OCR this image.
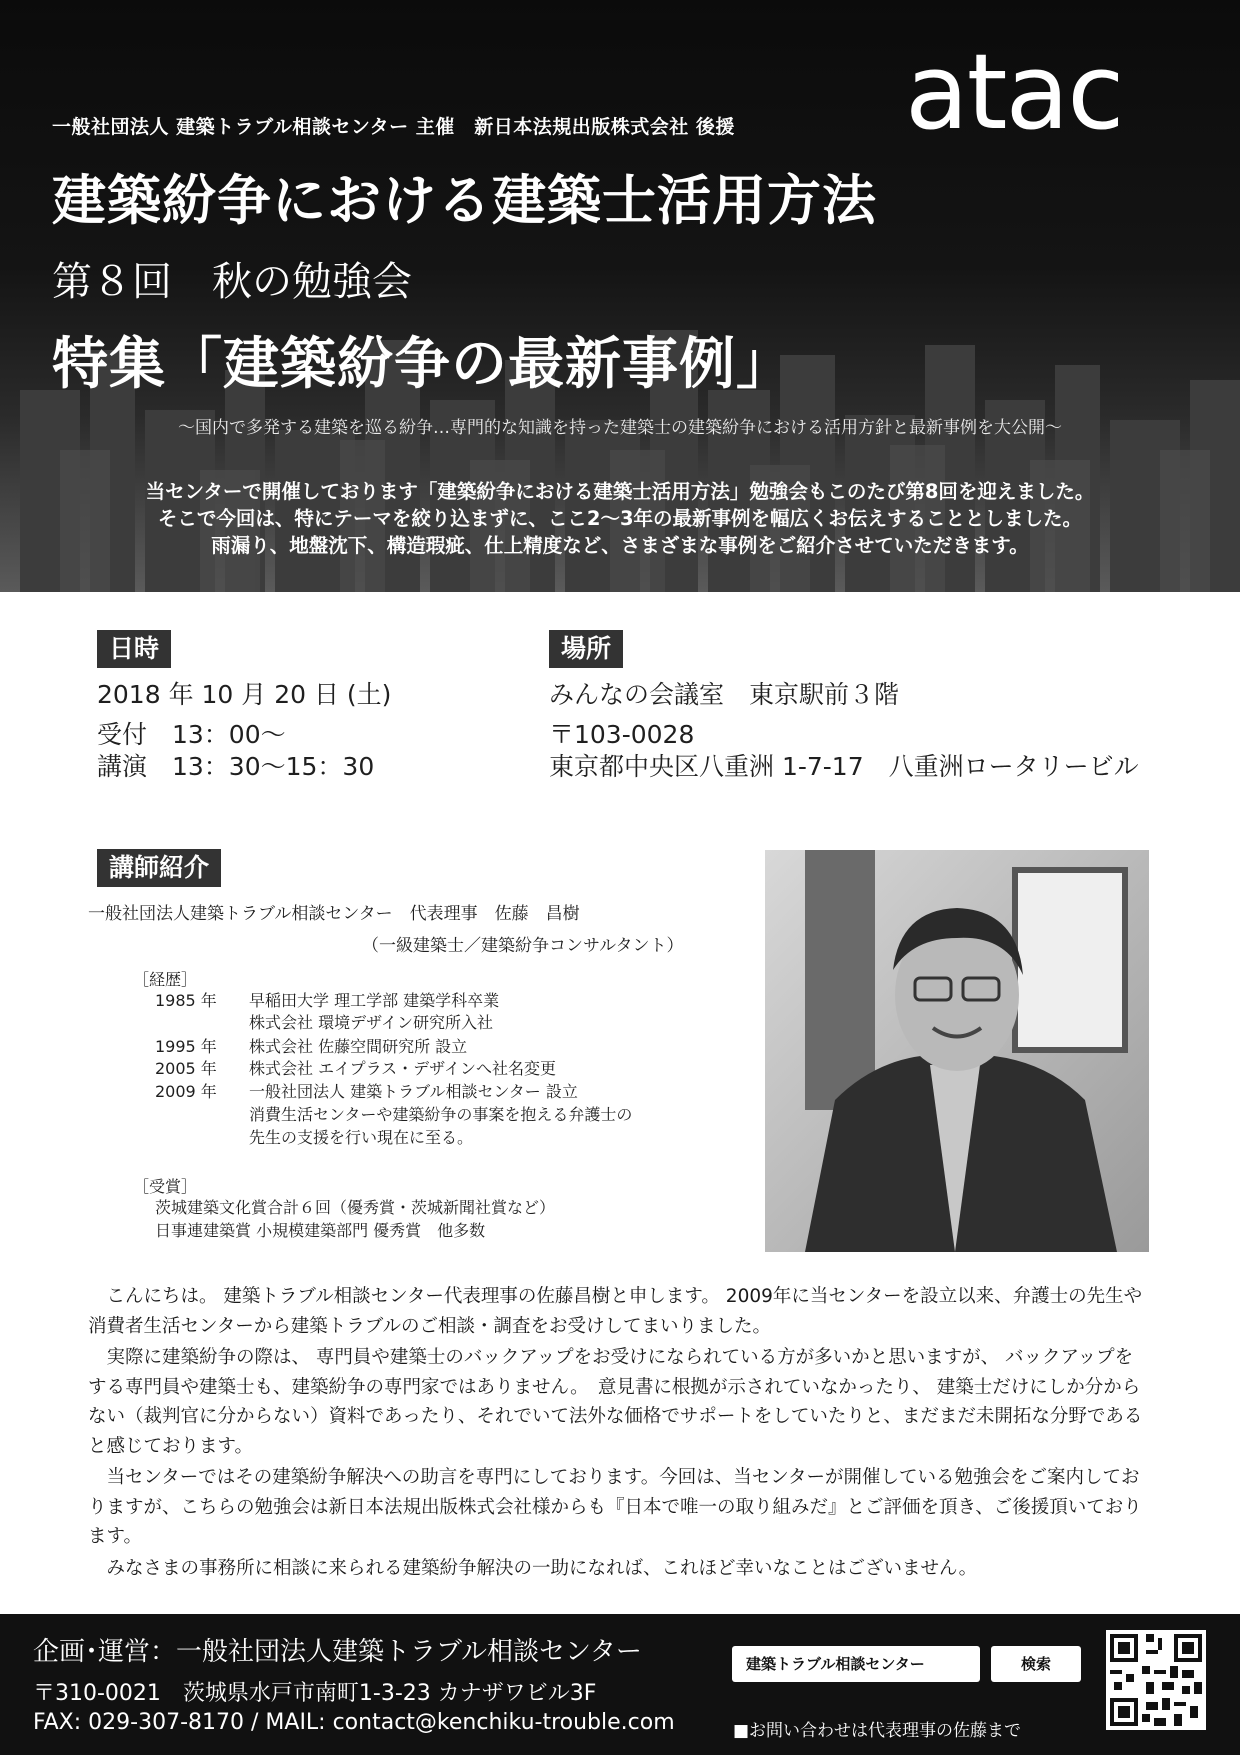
一般社団法人 建築トラブル相談センター 主催　新日本法規出版株式会社 後援 atac
建築紛争における建築士活用方法
第８回　秋の勉強会
特集「建築紛争の最新事例」
～国内で多発する建築を巡る紛争…専門的な知識を持った建築士の建築紛争における活用方針と最新事例を大公開～

当センターで開催しております「建築紛争における建築士活用方法」勉強会もこのたび第8回を迎えました。

そこで今回は、特にテーマを絞り込まずに、ここ2～3年の最新事例を幅広くお伝えすることとしました。

雨漏り、地盤沈下、構造瑕疵、仕上精度など、さまざまな事例をご紹介させていただきます。

日時
2018 年 10 月 20 日 (土)
受付　13：00～
講演　13：30～15：30
場所
みんなの会議室　東京駅前３階
〒103-0028
東京都中央区八重洲 1-7-17　八重洲ロータリービル
講師紹介
一般社団法人建築トラブル相談センター　代表理事　佐藤　昌樹
（一級建築士／建築紛争コンサルタント）
［経歴］
1985 年 早稲田大学 理工学部 建築学科卒業
株式会社 環境デザイン研究所入社
1995 年 株式会社 佐藤空間研究所 設立
2005 年 株式会社 エイプラス・デザインへ社名変更
2009 年 一般社団法人 建築トラブル相談センター 設立
消費生活センターや建築紛争の事案を抱える弁護士の
先生の支援を行い現在に至る。
［受賞］
茨城建築文化賞合計６回（優秀賞・茨城新聞社賞など）
日事連建築賞 小規模建築部門 優秀賞　他多数

こんにちは。 建築トラブル相談センター代表理事の佐藤昌樹と申します。 2009年に当センターを設立以来、弁護士の先生や消費者生活センターから建築トラブルのご相談・調査をお受けしてまいりました。

実際に建築紛争の際は、 専門員や建築士のバックアップをお受けになられている方が多いかと思いますが、 バックアップをする専門員や建築士も、建築紛争の専門家ではありません。　意見書に根拠が示されていなかったり、 建築士だけにしか分からない（裁判官に分からない）資料であったり、それでいて法外な価格でサポートをしていたりと、まだまだ未開拓な分野であると感じております。

当センターではその建築紛争解決への助言を専門にしております。今回は、当センターが開催している勉強会をご案内しておりますが、こちらの勉強会は新日本法規出版株式会社様からも『日本で唯一の取り組みだ』とご評価を頂き、ご後援頂いております。

みなさまの事務所に相談に来られる建築紛争解決の一助になれば、これほど幸いなことはございません。

企画･運営：一般社団法人建築トラブル相談センター
〒310-0021　茨城県水戸市南町1-3-23 カナザワビル3F
FAX: 029-307-8170 / MAIL: contact@kenchiku-trouble.com
建築トラブル相談センター	検索
■お問い合わせは代表理事の佐藤まで
